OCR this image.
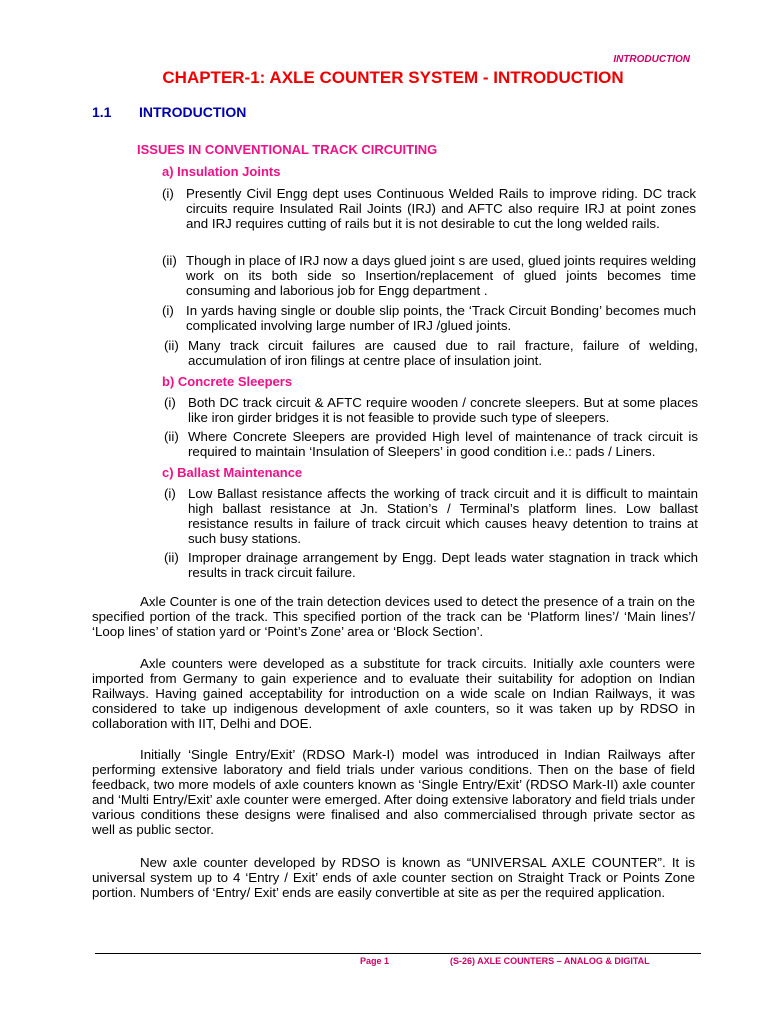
INTRODUCTION
CHAPTER-1: AXLE COUNTER SYSTEM - INTRODUCTION
1.1 INTRODUCTION
ISSUES IN CONVENTIONAL TRACK CIRCUITING
a) Insulation Joints
(i) Presently Civil Engg dept uses Continuous Welded Rails to improve riding. DC track circuits require Insulated Rail Joints (IRJ) and AFTC also require IRJ at point zones and IRJ requires cutting of rails but it is not desirable to cut the long welded rails.
(ii) Though in place of IRJ now a days glued joint s are used, glued joints requires welding work on its both side so Insertion/replacement of glued joints becomes time consuming and laborious job for Engg department .
(i) In yards having single or double slip points, the ‘Track Circuit Bonding’ becomes much complicated involving large number of IRJ /glued joints.
(ii) Many track circuit failures are caused due to rail fracture, failure of welding, accumulation of iron filings at centre place of insulation joint.
b) Concrete Sleepers
(i) Both DC track circuit & AFTC require wooden / concrete sleepers. But at some places like iron girder bridges it is not feasible to provide such type of sleepers.
(ii) Where Concrete Sleepers are provided High level of maintenance of track circuit is required to maintain ‘Insulation of Sleepers’ in good condition i.e.: pads / Liners.
c) Ballast Maintenance
(i) Low Ballast resistance affects the working of track circuit and it is difficult to maintain high ballast resistance at Jn. Station’s / Terminal’s platform lines. Low ballast resistance results in failure of track circuit which causes heavy detention to trains at such busy stations.
(ii) Improper drainage arrangement by Engg. Dept leads water stagnation in track which results in track circuit failure.
Axle Counter is one of the train detection devices used to detect the presence of a train on the specified portion of the track. This specified portion of the track can be ‘Platform lines’/ ‘Main lines’/ ‘Loop lines’ of station yard or ‘Point’s Zone’ area or ‘Block Section’.
Axle counters were developed as a substitute for track circuits. Initially axle counters were imported from Germany to gain experience and to evaluate their suitability for adoption on Indian Railways. Having gained acceptability for introduction on a wide scale on Indian Railways, it was considered to take up indigenous development of axle counters, so it was taken up by RDSO in collaboration with IIT, Delhi and DOE.
Initially ‘Single Entry/Exit’ (RDSO Mark-I) model was introduced in Indian Railways after performing extensive laboratory and field trials under various conditions. Then on the base of field feedback, two more models of axle counters known as ‘Single Entry/Exit’ (RDSO Mark-II) axle counter and ‘Multi Entry/Exit’ axle counter were emerged. After doing extensive laboratory and field trials under various conditions these designs were finalised and also commercialised through private sector as well as public sector.
New axle counter developed by RDSO is known as “UNIVERSAL AXLE COUNTER”. It is universal system up to 4 ‘Entry / Exit’ ends of axle counter section on Straight Track or Points Zone portion. Numbers of ‘Entry/ Exit’ ends are easily convertible at site as per the required application.
Page 1	(S-26) AXLE COUNTERS – ANALOG & DIGITAL
